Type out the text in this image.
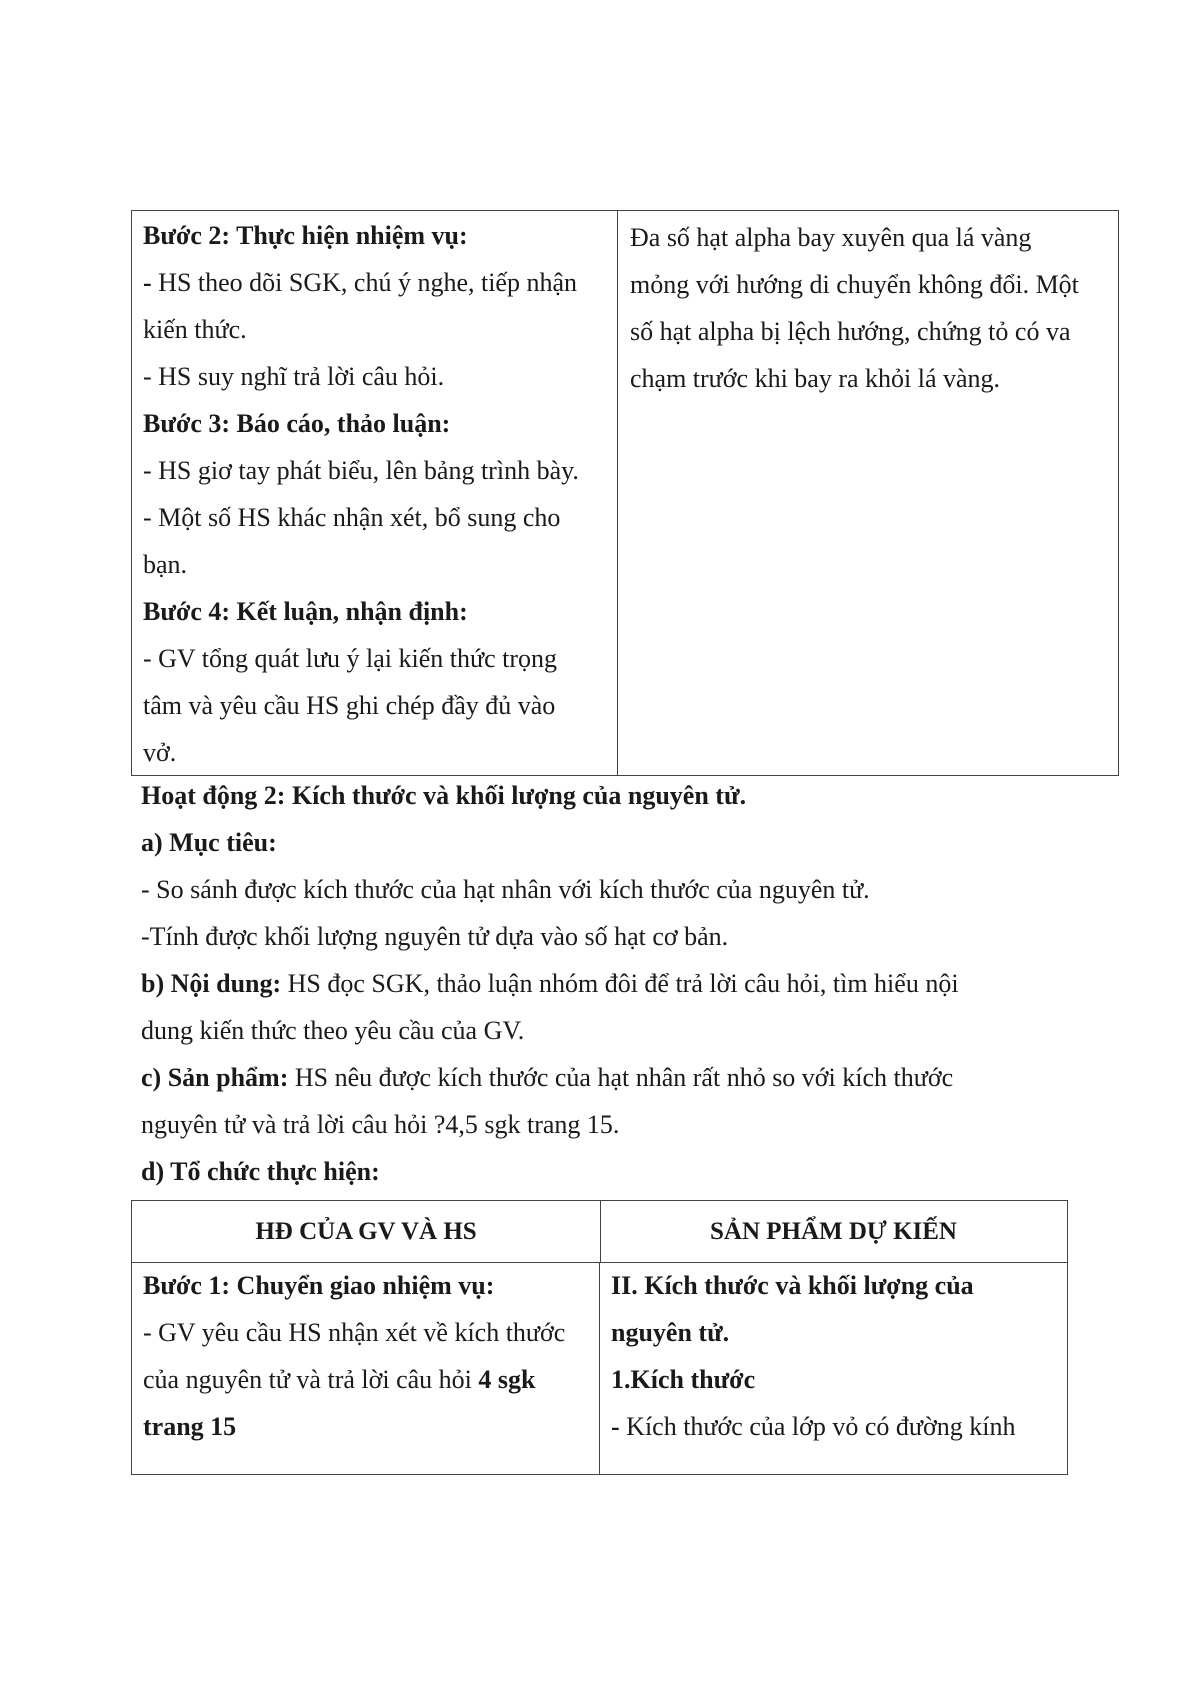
Bước 2: Thực hiện nhiệm vụ:
- HS theo dõi SGK, chú ý nghe, tiếp nhận
kiến thức.
- HS suy nghĩ trả lời câu hỏi.
Bước 3: Báo cáo, thảo luận:
- HS giơ tay phát biểu, lên bảng trình bày.
- Một số HS khác nhận xét, bổ sung cho
bạn.
Bước 4: Kết luận, nhận định:
- GV tổng quát lưu ý lại kiến thức trọng
tâm và yêu cầu HS ghi chép đầy đủ vào
vở.
Đa số hạt alpha bay xuyên qua lá vàng
mỏng với hướng di chuyển không đổi. Một
số hạt alpha bị lệch hướng, chứng tỏ có va
chạm trước khi bay ra khỏi lá vàng.
Hoạt động 2: Kích thước và khối lượng của nguyên tử.
a) Mục tiêu:
- So sánh được kích thước của hạt nhân với kích thước của nguyên tử.
-Tính được khối lượng nguyên tử dựa vào số hạt cơ bản.
b) Nội dung: HS đọc SGK, thảo luận nhóm đôi để trả lời câu hỏi, tìm hiểu nội
dung kiến thức theo yêu cầu của GV.
c) Sản phẩm: HS nêu được kích thước của hạt nhân rất nhỏ so với kích thước
nguyên tử và trả lời câu hỏi ?4,5 sgk trang 15.
d) Tổ chức thực hiện:
HĐ CỦA GV VÀ HS	SẢN PHẨM DỰ KIẾN
Bước 1: Chuyển giao nhiệm vụ:
- GV yêu cầu HS nhận xét về kích thước
của nguyên tử và trả lời câu hỏi 4 sgk
trang 15
II. Kích thước và khối lượng của
nguyên tử.
1.Kích thước
- Kích thước của lớp vỏ có đường kính
